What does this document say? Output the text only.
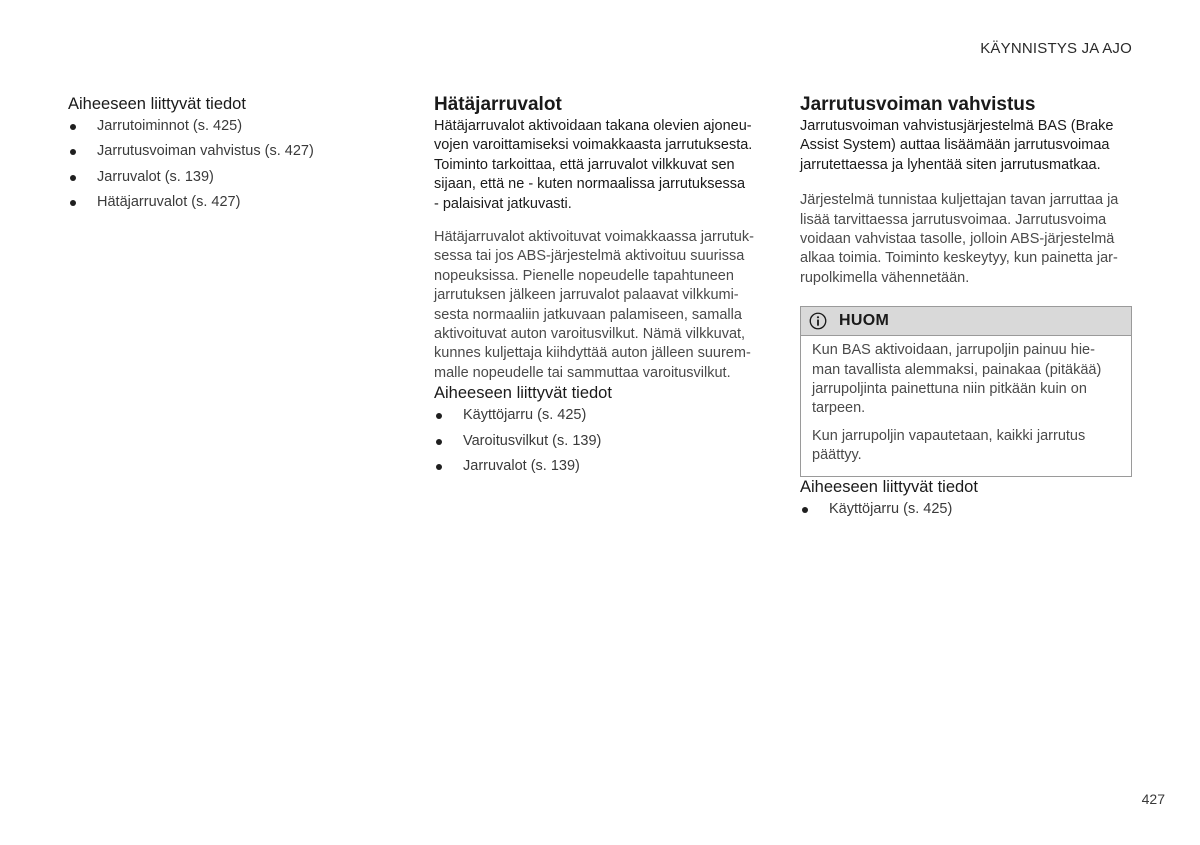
KÄYNNISTYS JA AJO
Aiheeseen liittyvät tiedot
Jarrutoiminnot (s. 425)
Jarrutusvoiman vahvistus (s. 427)
Jarruvalot (s. 139)
Hätäjarruvalot (s. 427)
Hätäjarruvalot

Hätäjarruvalot aktivoidaan takana olevien ajoneu-
vojen varoittamiseksi voimakkaasta jarrutuksesta.
Toiminto tarkoittaa, että jarruvalot vilkkuvat sen
sijaan, että ne - kuten normaalissa jarrutuksessa
- palaisivat jatkuvasti.

Hätäjarruvalot aktivoituvat voimakkaassa jarrutuk-
sessa tai jos ABS-järjestelmä aktivoituu suurissa
nopeuksissa. Pienelle nopeudelle tapahtuneen
jarrutuksen jälkeen jarruvalot palaavat vilkkumi-
sesta normaaliin jatkuvaan palamiseen, samalla
aktivoituvat auton varoitusvilkut. Nämä vilkkuvat,
kunnes kuljettaja kiihdyttää auton jälleen suurem-
malle nopeudelle tai sammuttaa varoitusvilkut.

Aiheeseen liittyvät tiedot
Käyttöjarru (s. 425)
Varoitusvilkut (s. 139)
Jarruvalot (s. 139)
Jarrutusvoiman vahvistus

Jarrutusvoiman vahvistusjärjestelmä BAS (Brake
Assist System) auttaa lisäämään jarrutusvoimaa
jarrutettaessa ja lyhentää siten jarrutusmatkaa.

Järjestelmä tunnistaa kuljettajan tavan jarruttaa ja
lisää tarvittaessa jarrutusvoimaa. Jarrutusvoima
voidaan vahvistaa tasolle, jolloin ABS-järjestelmä
alkaa toimia. Toiminto keskeytyy, kun painetta jar-
rupolkimella vähennetään.

HUOM

Kun BAS aktivoidaan, jarrupoljin painuu hie-
man tavallista alemmaksi, painakaa (pitäkää)
jarrupoljinta painettuna niin pitkään kuin on
tarpeen.

Kun jarrupoljin vapautetaan, kaikki jarrutus
päättyy.

Aiheeseen liittyvät tiedot
Käyttöjarru (s. 425)
427
